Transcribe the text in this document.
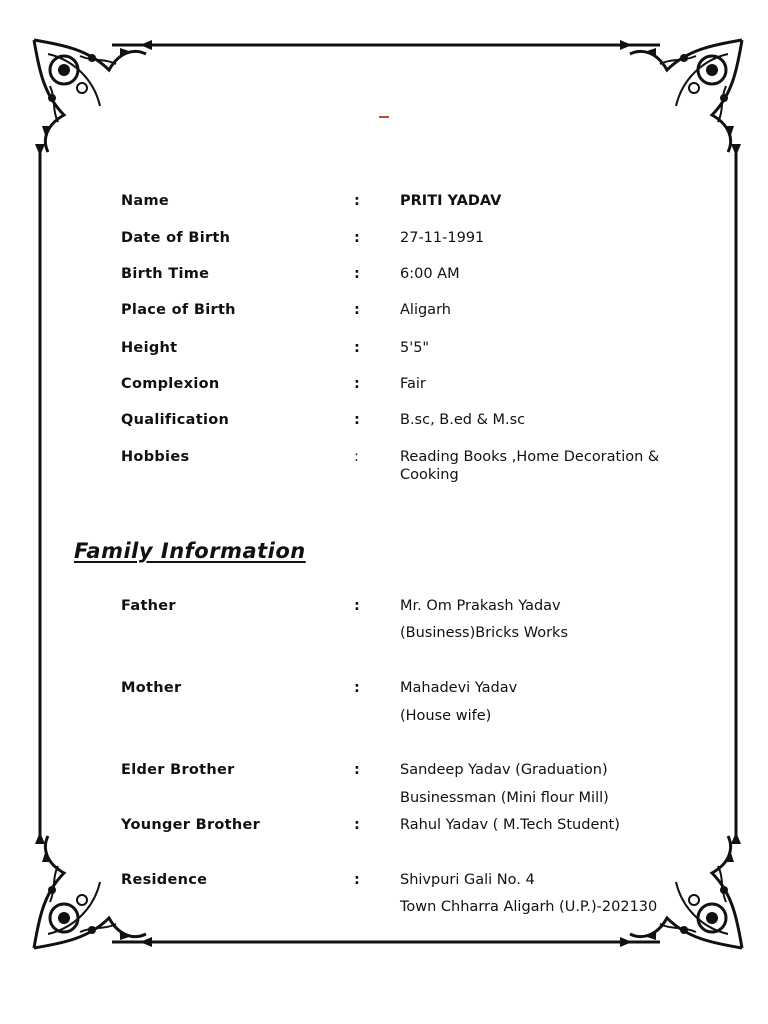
Name	:	PRITI YADAV
Date of Birth	:	27-11-1991
Birth Time	:	6:00 AM
Place of Birth	:	Aligarh
Height	:	5'5"
Complexion	:	Fair
Qualification	:	B.sc, B.ed & M.sc
Hobbies	:	Reading Books ,Home Decoration & Cooking
Family Information
Father	:	Mr. Om Prakash Yadav
(Business)Bricks Works
Mother	:	Mahadevi Yadav
(House wife)
Elder Brother	:	Sandeep Yadav (Graduation)
Businessman (Mini flour Mill)
Younger Brother	:	Rahul Yadav ( M.Tech Student)
Residence	:	Shivpuri Gali No. 4
Town Chharra Aligarh (U.P.)-202130
